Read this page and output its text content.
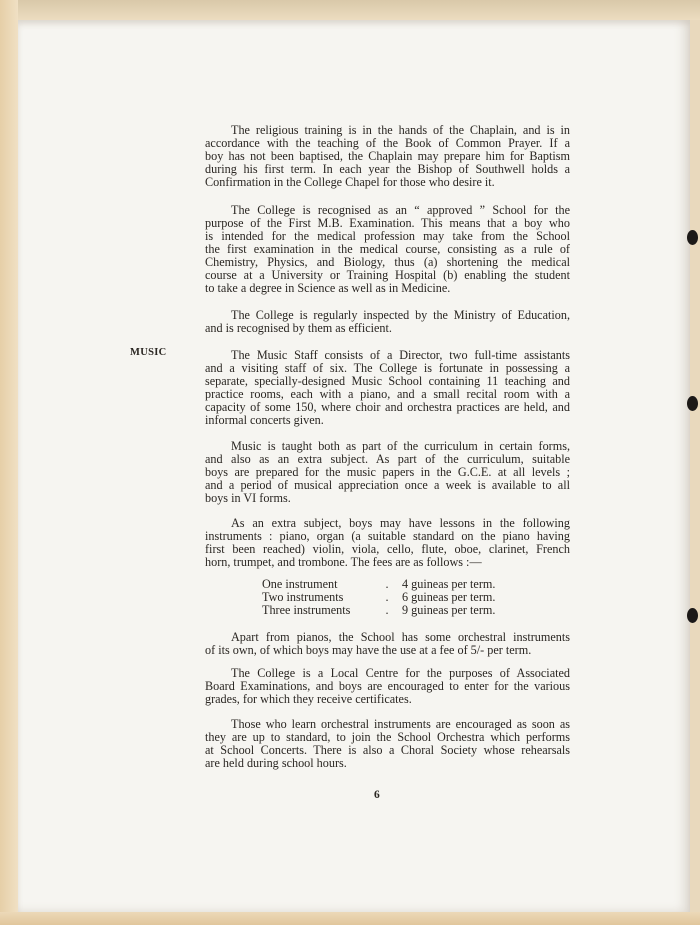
MUSIC
The religious training is in the hands of the Chaplain, and is in
accordance with the teaching of the Book of Common Prayer. If a
boy has not been baptised, the Chaplain may prepare him for Baptism
during his first term. In each year the Bishop of Southwell holds a
Confirmation in the College Chapel for those who desire it.
The College is recognised as an “ approved ” School for the
purpose of the First M.B. Examination. This means that a boy who
is intended for the medical profession may take from the School
the first examination in the medical course, consisting as a rule of
Chemistry, Physics, and Biology, thus (a) shortening the medical
course at a University or Training Hospital (b) enabling the student
to take a degree in Science as well as in Medicine.
The College is regularly inspected by the Ministry of Education,
and is recognised by them as efficient.
The Music Staff consists of a Director, two full-time assistants
and a visiting staff of six. The College is fortunate in possessing a
separate, specially-designed Music School containing 11 teaching and
practice rooms, each with a piano, and a small recital room with a
capacity of some 150, where choir and orchestra practices are held, and
informal concerts given.
Music is taught both as part of the curriculum in certain forms,
and also as an extra subject. As part of the curriculum, suitable
boys are prepared for the music papers in the G.C.E. at all levels ;
and a period of musical appreciation once a week is available to all
boys in VI forms.
As an extra subject, boys may have lessons in the following
instruments : piano, organ (a suitable standard on the piano having
first been reached) violin, viola, cello, flute, oboe, clarinet, French
horn, trumpet, and trombone. The fees are as follows :—
Apart from pianos, the School has some orchestral instruments
of its own, of which boys may have the use at a fee of 5/- per term.
The College is a Local Centre for the purposes of Associated
Board Examinations, and boys are encouraged to enter for the various
grades, for which they receive certificates.
Those who learn orchestral instruments are encouraged as soon as
they are up to standard, to join the School Orchestra which performs
at School Concerts. There is also a Choral Society whose rehearsals
are held during school hours.
One instrument	.	4 guineas per term.
Two instruments	.	6 guineas per term.
Three instruments	.	9 guineas per term.
6
